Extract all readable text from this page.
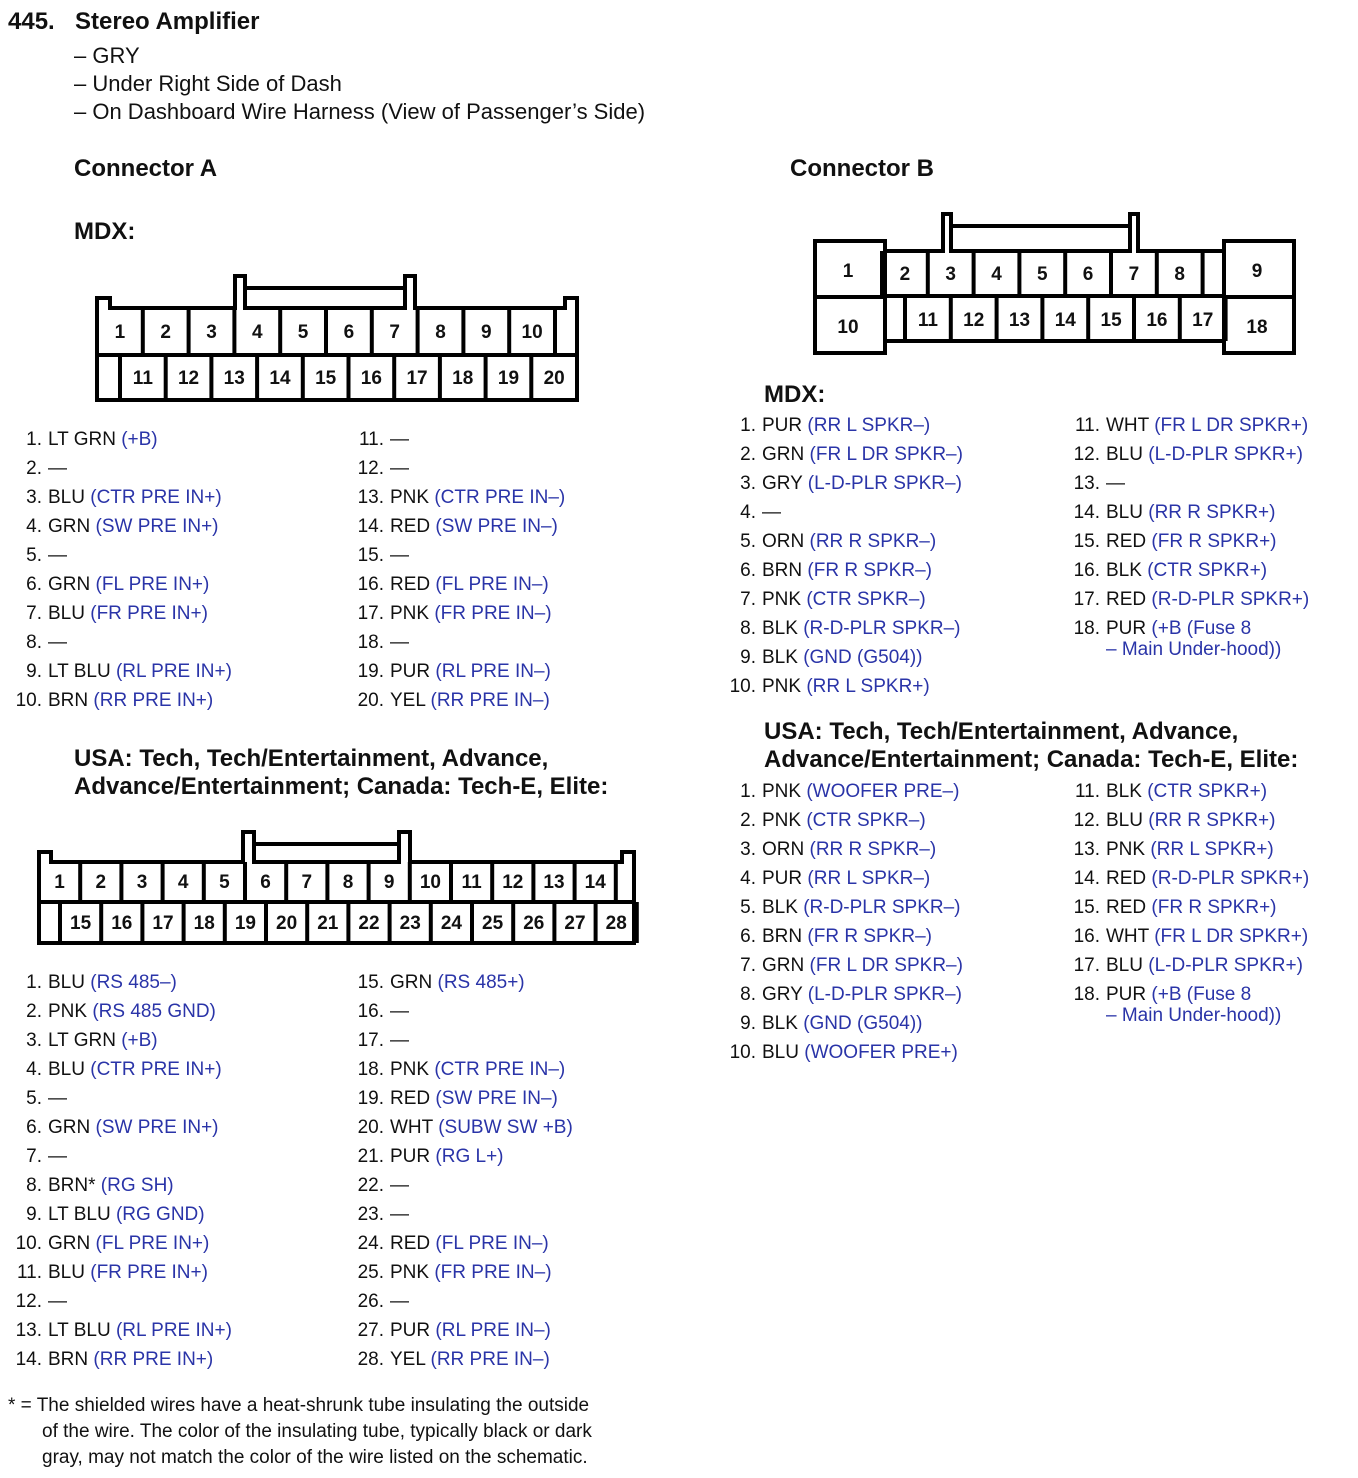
445. Stereo Amplifier
– GRY
– Under Right Side of Dash
– On Dashboard Wire Harness (View of Passenger’s Side)
Connector A
MDX:
1 2 3 4 5 6 7 8 9 10
11 12 13 14 15 16 17 18 19 20
1. LT GRN (+B)
2. —
3. BLU (CTR PRE IN+)
4. GRN (SW PRE IN+)
5. —
6. GRN (FL PRE IN+)
7. BLU (FR PRE IN+)
8. —
9. LT BLU (RL PRE IN+)
10. BRN (RR PRE IN+)
11. —
12. —
13. PNK (CTR PRE IN–)
14. RED (SW PRE IN–)
15. —
16. RED (FL PRE IN–)
17. PNK (FR PRE IN–)
18. —
19. PUR (RL PRE IN–)
20. YEL (RR PRE IN–)
USA: Tech, Tech/Entertainment, Advance,
Advance/Entertainment; Canada: Tech-E, Elite:
1 2 3 4 5 6 7 8 9 10 11 12 13 14
15 16 17 18 19 20 21 22 23 24 25 26 27 28
1. BLU (RS 485–)
2. PNK (RS 485 GND)
3. LT GRN (+B)
4. BLU (CTR PRE IN+)
5. —
6. GRN (SW PRE IN+)
7. —
8. BRN* (RG SH)
9. LT BLU (RG GND)
10. GRN (FL PRE IN+)
11. BLU (FR PRE IN+)
12. —
13. LT BLU (RL PRE IN+)
14. BRN (RR PRE IN+)
15. GRN (RS 485+)
16. —
17. —
18. PNK (CTR PRE IN–)
19. RED (SW PRE IN–)
20. WHT (SUBW SW +B)
21. PUR (RG L+)
22. —
23. —
24. RED (FL PRE IN–)
25. PNK (FR PRE IN–)
26. —
27. PUR (RL PRE IN–)
28. YEL (RR PRE IN–)
Connector B
2 3 4 5 6 7 8
11 12 13 14 15 16 17
1
10
9
18
MDX:
1. PUR (RR L SPKR–)
2. GRN (FR L DR SPKR–)
3. GRY (L-D-PLR SPKR–)
4. —
5. ORN (RR R SPKR–)
6. BRN (FR R SPKR–)
7. PNK (CTR SPKR–)
8. BLK (R-D-PLR SPKR–)
9. BLK (GND (G504))
10. PNK (RR L SPKR+)
11. WHT (FR L DR SPKR+)
12. BLU (L-D-PLR SPKR+)
13. —
14. BLU (RR R SPKR+)
15. RED (FR R SPKR+)
16. BLK (CTR SPKR+)
17. RED (R-D-PLR SPKR+)
18. PUR (+B (Fuse 8
– Main Under-hood))
USA: Tech, Tech/Entertainment, Advance,
Advance/Entertainment; Canada: Tech-E, Elite:
1. PNK (WOOFER PRE–)
2. PNK (CTR SPKR–)
3. ORN (RR R SPKR–)
4. PUR (RR L SPKR–)
5. BLK (R-D-PLR SPKR–)
6. BRN (FR R SPKR–)
7. GRN (FR L DR SPKR–)
8. GRY (L-D-PLR SPKR–)
9. BLK (GND (G504))
10. BLU (WOOFER PRE+)
11. BLK (CTR SPKR+)
12. BLU (RR R SPKR+)
13. PNK (RR L SPKR+)
14. RED (R-D-PLR SPKR+)
15. RED (FR R SPKR+)
16. WHT (FR L DR SPKR+)
17. BLU (L-D-PLR SPKR+)
18. PUR (+B (Fuse 8
– Main Under-hood))
* = The shielded wires have a heat-shrunk tube insulating the outside
of the wire. The color of the insulating tube, typically black or dark
gray, may not match the color of the wire listed on the schematic.
